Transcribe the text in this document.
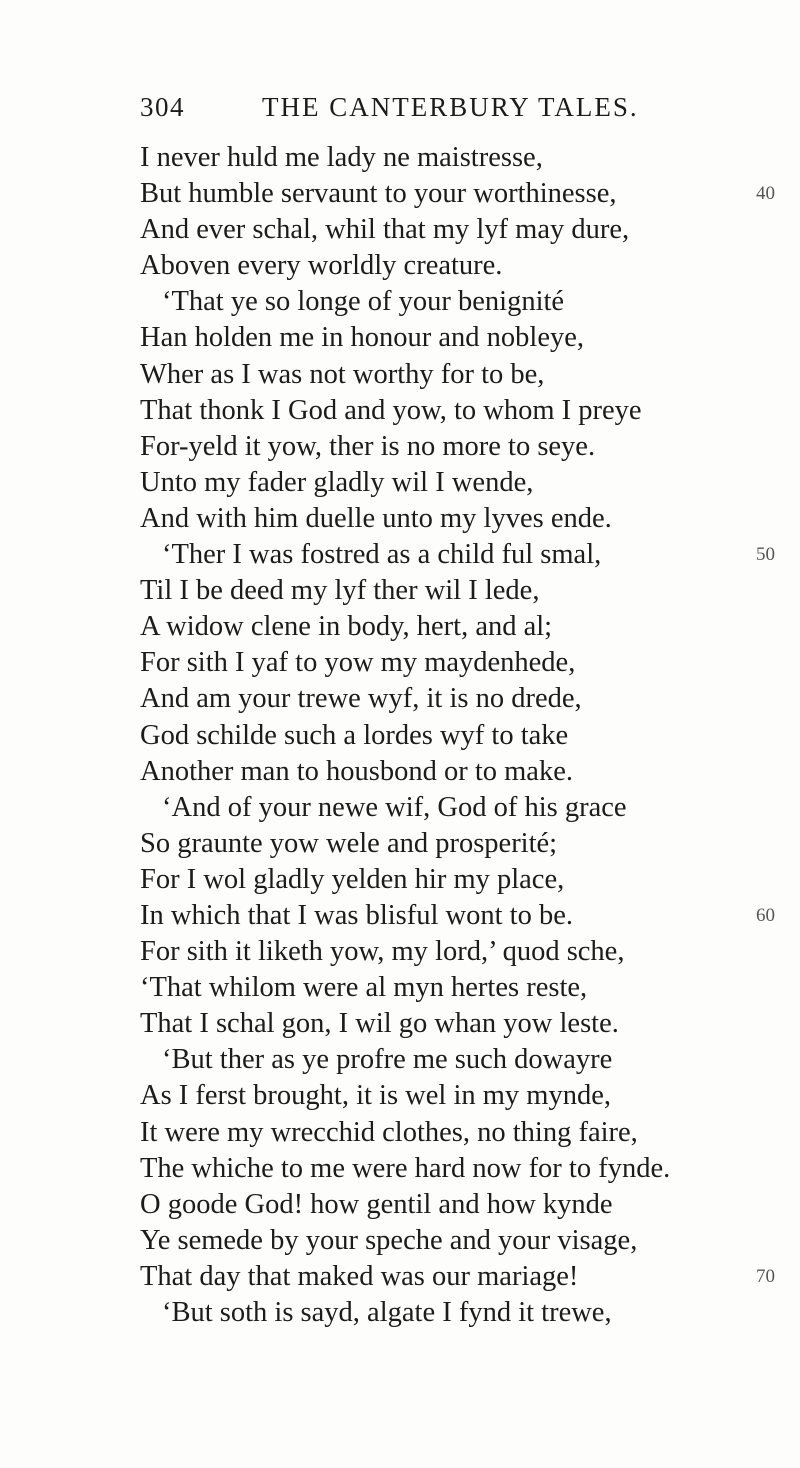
304	THE CANTERBURY TALES.
I never huld me lady ne maistresse,
But humble servaunt to your worthinesse,	40
And ever schal, whil that my lyf may dure,
Aboven every worldly creature.
‘That ye so longe of your benignité
Han holden me in honour and nobleye,
Wher as I was not worthy for to be,
That thonk I God and yow, to whom I preye
For-yeld it yow, ther is no more to seye.
Unto my fader gladly wil I wende,
And with him duelle unto my lyves ende.
‘Ther I was fostred as a child ful smal,	50
Til I be deed my lyf ther wil I lede,
A widow clene in body, hert, and al;
For sith I yaf to yow my maydenhede,
And am your trewe wyf, it is no drede,
God schilde such a lordes wyf to take
Another man to housbond or to make.
‘And of your newe wif, God of his grace
So graunte yow wele and prosperité;
For I wol gladly yelden hir my place,
In which that I was blisful wont to be.	60
For sith it liketh yow, my lord,’ quod sche,
‘That whilom were al myn hertes reste,
That I schal gon, I wil go whan yow leste.
‘But ther as ye profre me such dowayre
As I ferst brought, it is wel in my mynde,
It were my wrecchid clothes, no thing faire,
The whiche to me were hard now for to fynde.
O goode God! how gentil and how kynde
Ye semede by your speche and your visage,
That day that maked was our mariage!	70
‘But soth is sayd, algate I fynd it trewe,
